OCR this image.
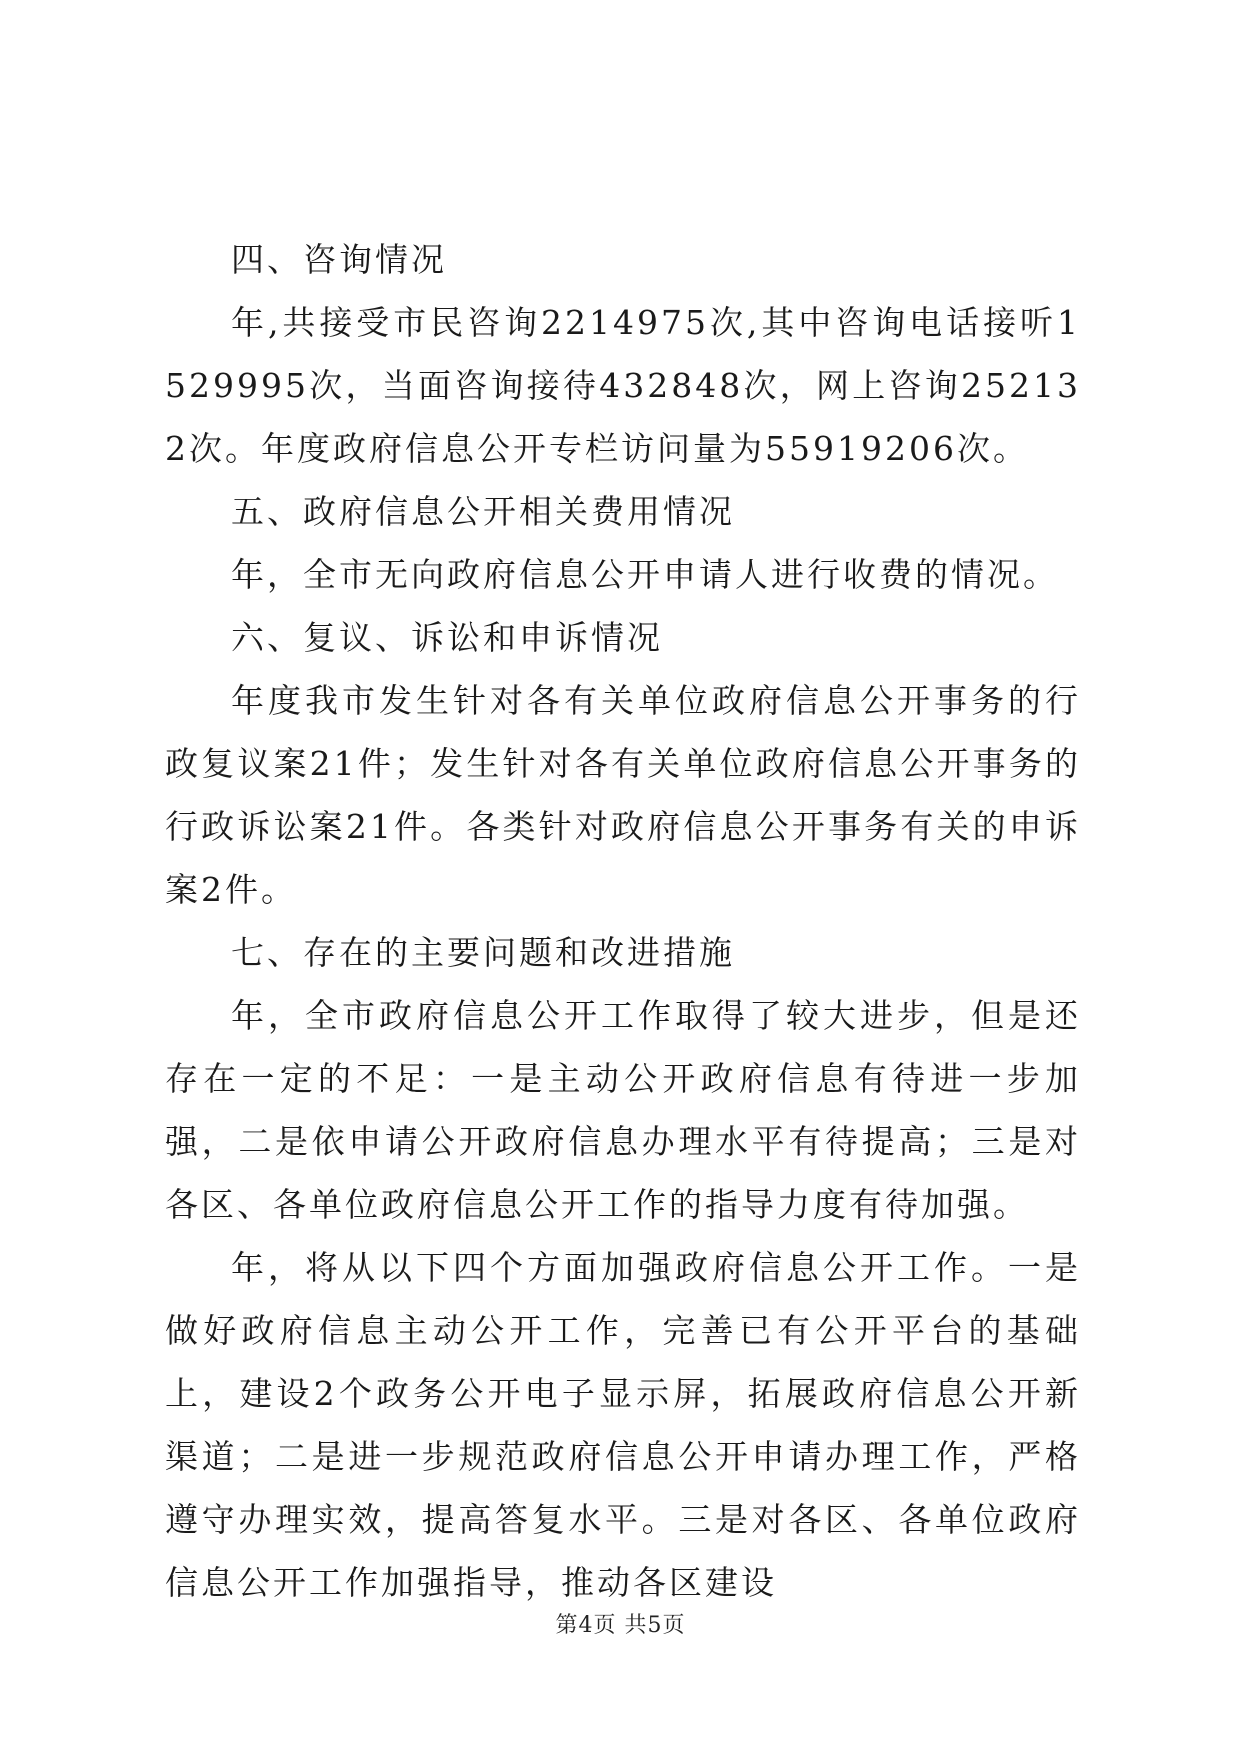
四、咨询情况

年,共接受市民咨询2214975次,其中咨询电话接听1529995次，当面咨询接待432848次，网上咨询252132次。年度政府信息公开专栏访问量为55919206次。

五、政府信息公开相关费用情况

年，全市无向政府信息公开申请人进行收费的情况。

六、复议、诉讼和申诉情况

年度我市发生针对各有关单位政府信息公开事务的行政复议案21件；发生针对各有关单位政府信息公开事务的行政诉讼案21件。各类针对政府信息公开事务有关的申诉案2件。

七、存在的主要问题和改进措施

年，全市政府信息公开工作取得了较大进步，但是还存在一定的不足：一是主动公开政府信息有待进一步加强，二是依申请公开政府信息办理水平有待提高；三是对各区、各单位政府信息公开工作的指导力度有待加强。

年，将从以下四个方面加强政府信息公开工作。一是做好政府信息主动公开工作，完善已有公开平台的基础上，建设2个政务公开电子显示屏，拓展政府信息公开新渠道；二是进一步规范政府信息公开申请办理工作，严格遵守办理实效，提高答复水平。三是对各区、各单位政府信息公开工作加强指导，推动各区建设

第4页 共5页
